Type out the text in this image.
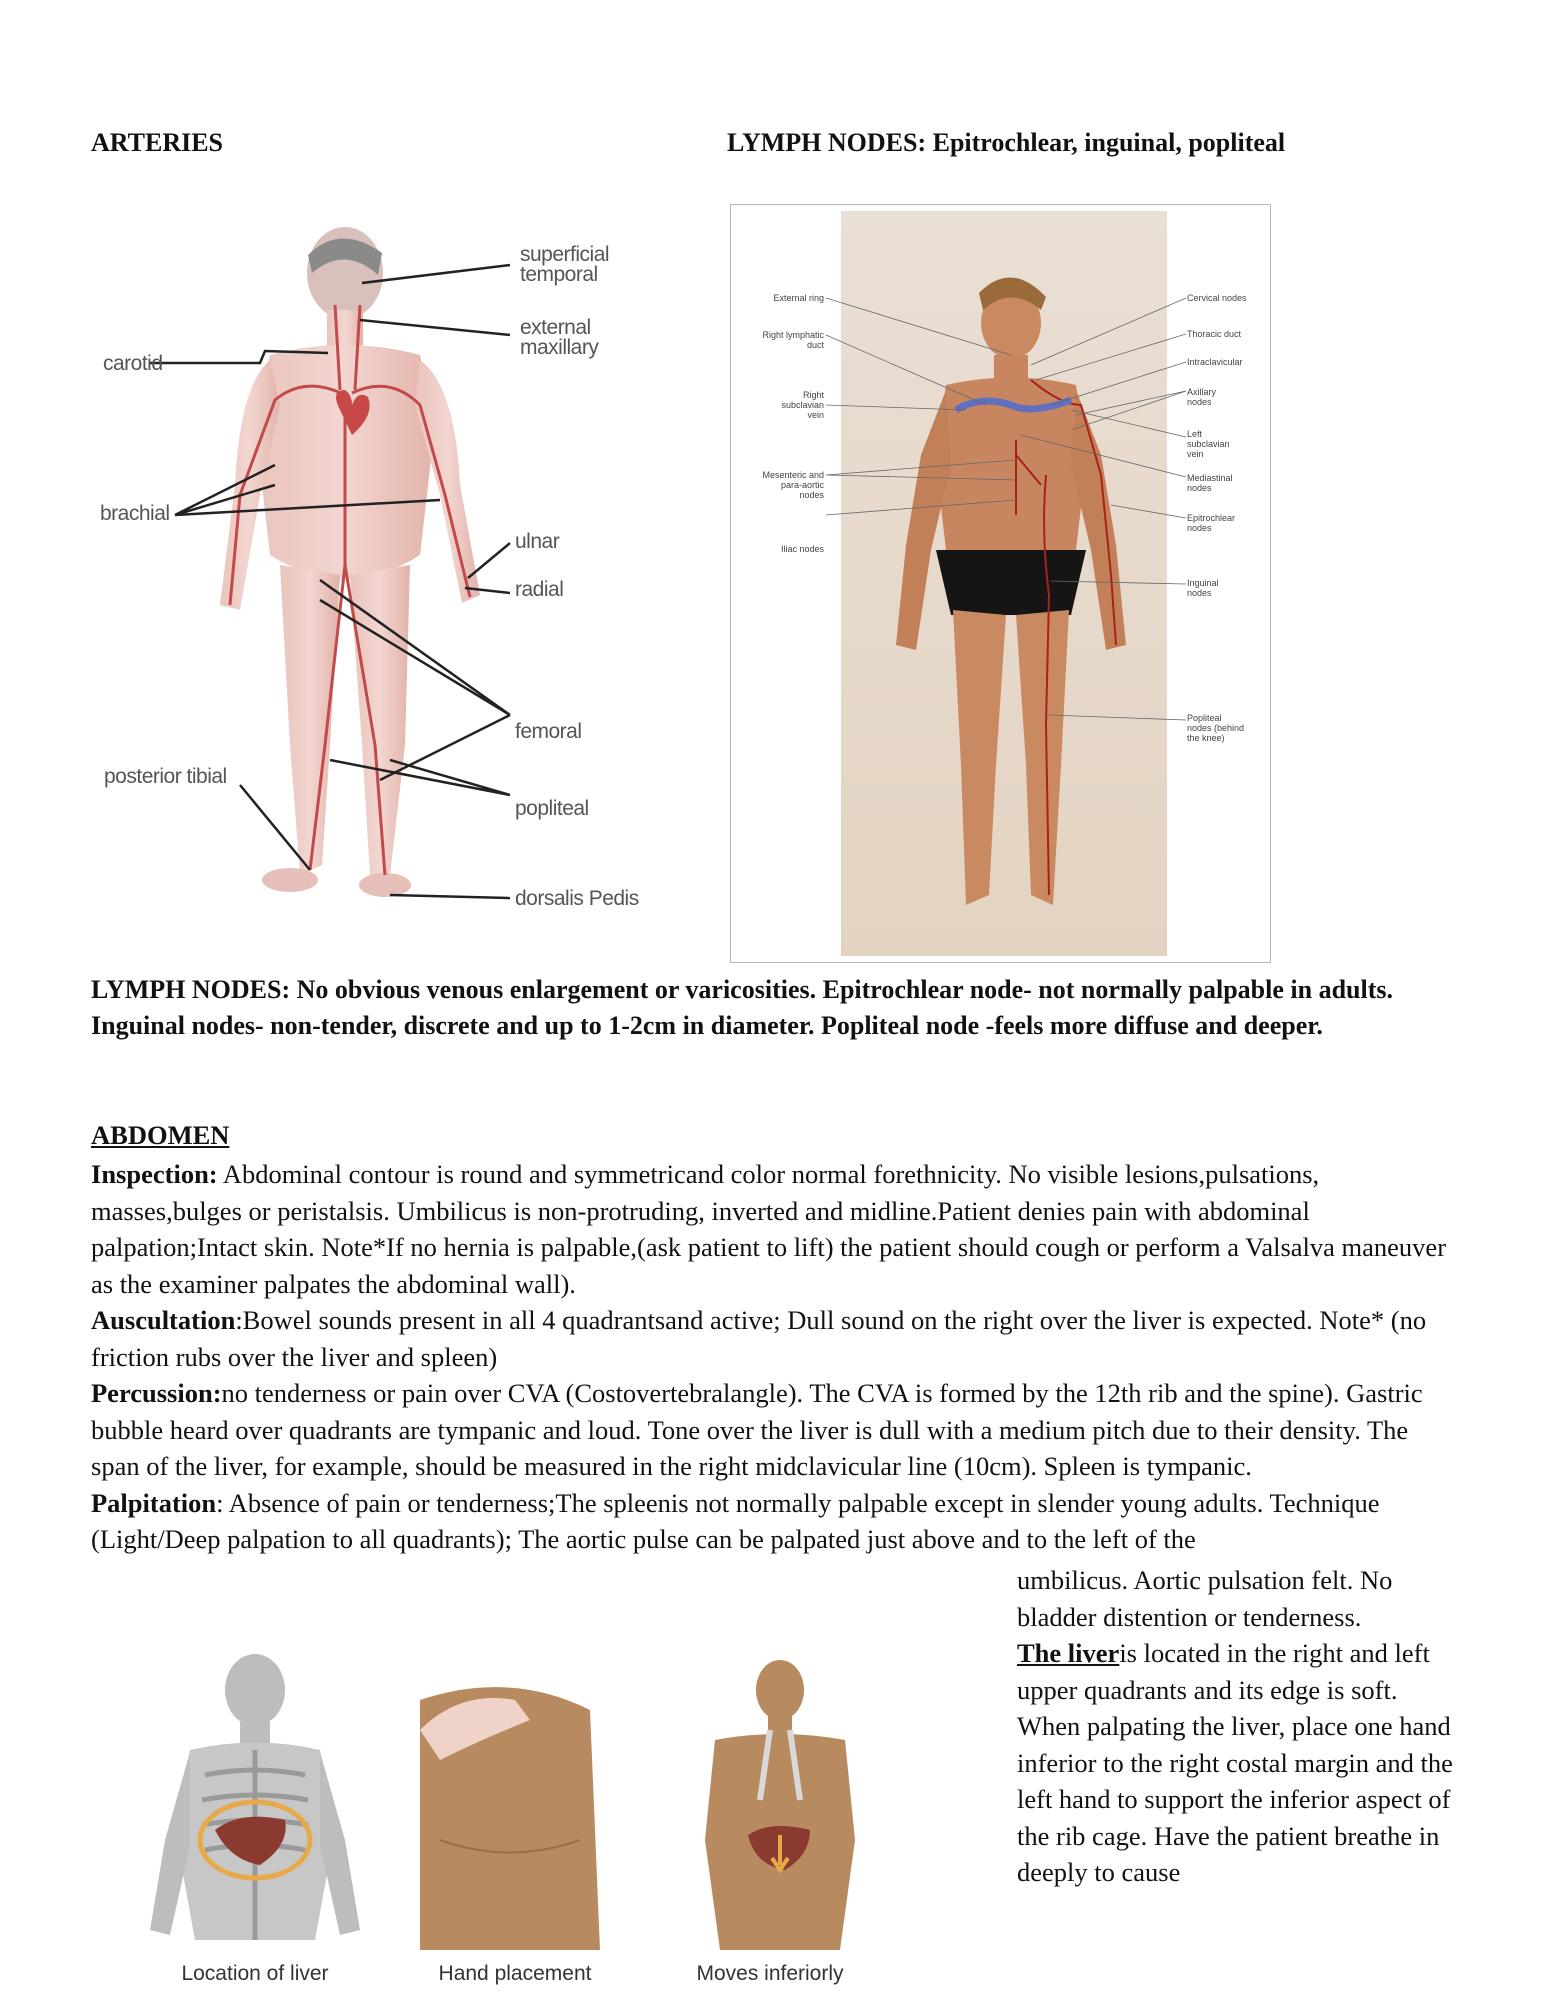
ARTERIES	LYMPH NODES: Epitrochlear, inguinal, popliteal
superficial
temporal
external
maxillary
carotid
brachial
ulnar
radial
femoral
posterior tibial
popliteal
dorsalis Pedis
External ring
Right lymphatic
duct
Right
subclavian
vein
Mesenteric and
para-aortic
nodes
Iliac nodes
Cervical nodes
Thoracic duct
Intraclavicular
Axillary
nodes
Left
subclavian
vein
Mediastinal
nodes
Epitrochlear
nodes
Inguinal
nodes
Popliteal
nodes (behind
the knee)
LYMPH NODES: No obvious venous enlargement or varicosities. Epitrochlear node- not normally palpable in adults. Inguinal nodes- non-tender, discrete and up to 1-2cm in diameter. Popliteal node -feels more diffuse and deeper.
ABDOMEN
Inspection: Abdominal contour is round and symmetricand color normal forethnicity. No visible lesions,pulsations, masses,bulges or peristalsis. Umbilicus is non-protruding, inverted and midline.Patient denies pain with abdominal palpation;Intact skin. Note*If no hernia is palpable,(ask patient to lift) the patient should cough or perform a Valsalva maneuver as the examiner palpates the abdominal wall).
Auscultation:Bowel sounds present in all 4 quadrantsand active; Dull sound on the right over the liver is expected. Note* (no friction rubs over the liver and spleen)
Percussion:no tenderness or pain over CVA (Costovertebralangle). The CVA is formed by the 12th rib and the spine). Gastric bubble heard over quadrants are tympanic and loud. Tone over the liver is dull with a medium pitch due to their density. The span of the liver, for example, should be measured in the right midclavicular line (10cm). Spleen is tympanic.
Palpitation: Absence of pain or tenderness;The spleenis not normally palpable except in slender young adults. Technique (Light/Deep palpation to all quadrants); The aortic pulse can be palpated just above and to the left of the
umbilicus. Aortic pulsation felt. No bladder distention or tenderness.
The liveris located in the right and left upper quadrants and its edge is soft. When palpating the liver, place one hand inferior to the right costal margin and the left hand to support the inferior aspect of the rib cage. Have the patient breathe in deeply to cause
Location of liver	Hand placement	Moves inferiorly
